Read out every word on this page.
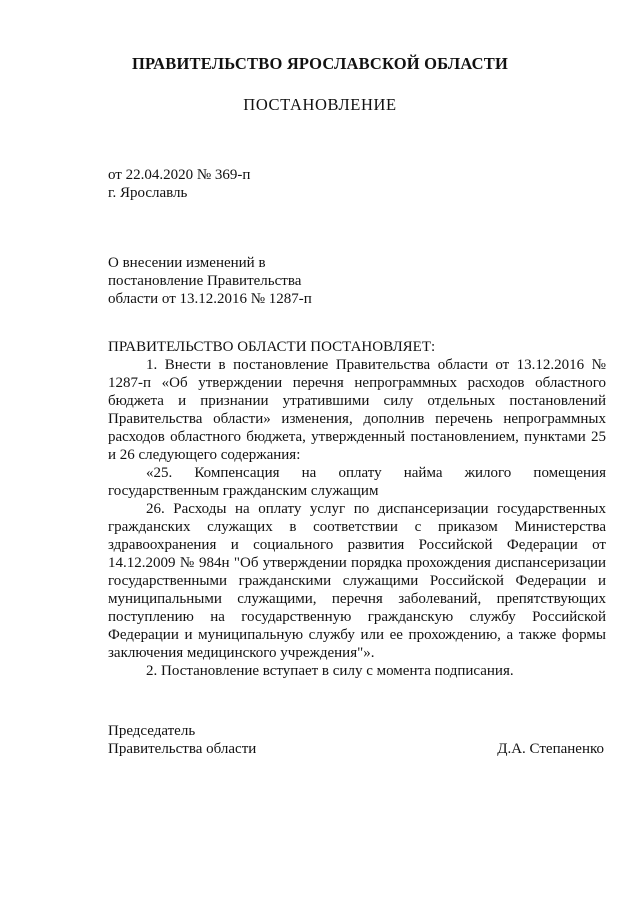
ПРАВИТЕЛЬСТВО ЯРОСЛАВСКОЙ ОБЛАСТИ
ПОСТАНОВЛЕНИЕ
от 22.04.2020 № 369-п
г. Ярославль
О внесении изменений в
постановление Правительства
области от 13.12.2016 № 1287-п
ПРАВИТЕЛЬСТВО ОБЛАСТИ ПОСТАНОВЛЯЕТ:

1. Внести в постановление Правительства области от 13.12.2016 № 1287-п «Об утверждении перечня непрограммных расходов областного бюджета и признании утратившими силу отдельных постановлений Правительства области» изменения, дополнив перечень непрограммных расходов областного бюджета, утвержденный постановлением, пунктами 25 и 26 следующего содержания:

«25. Компенсация на оплату найма жилого помещения государственным гражданским служащим

26. Расходы на оплату услуг по диспансеризации государственных гражданских служащих в соответствии с приказом Министерства здравоохранения и социального развития Российской Федерации от 14.12.2009 № 984н "Об утверждении порядка прохождения диспансеризации государственными гражданскими служащими Российской Федерации и муниципальными служащими, перечня заболеваний, препятствующих поступлению на государственную гражданскую службу Российской Федерации и муниципальную службу или ее прохождению, а также формы заключения медицинского учреждения"».

2. Постановление вступает в силу с момента подписания.

Председатель
Правительства области	Д.А. Степаненко
